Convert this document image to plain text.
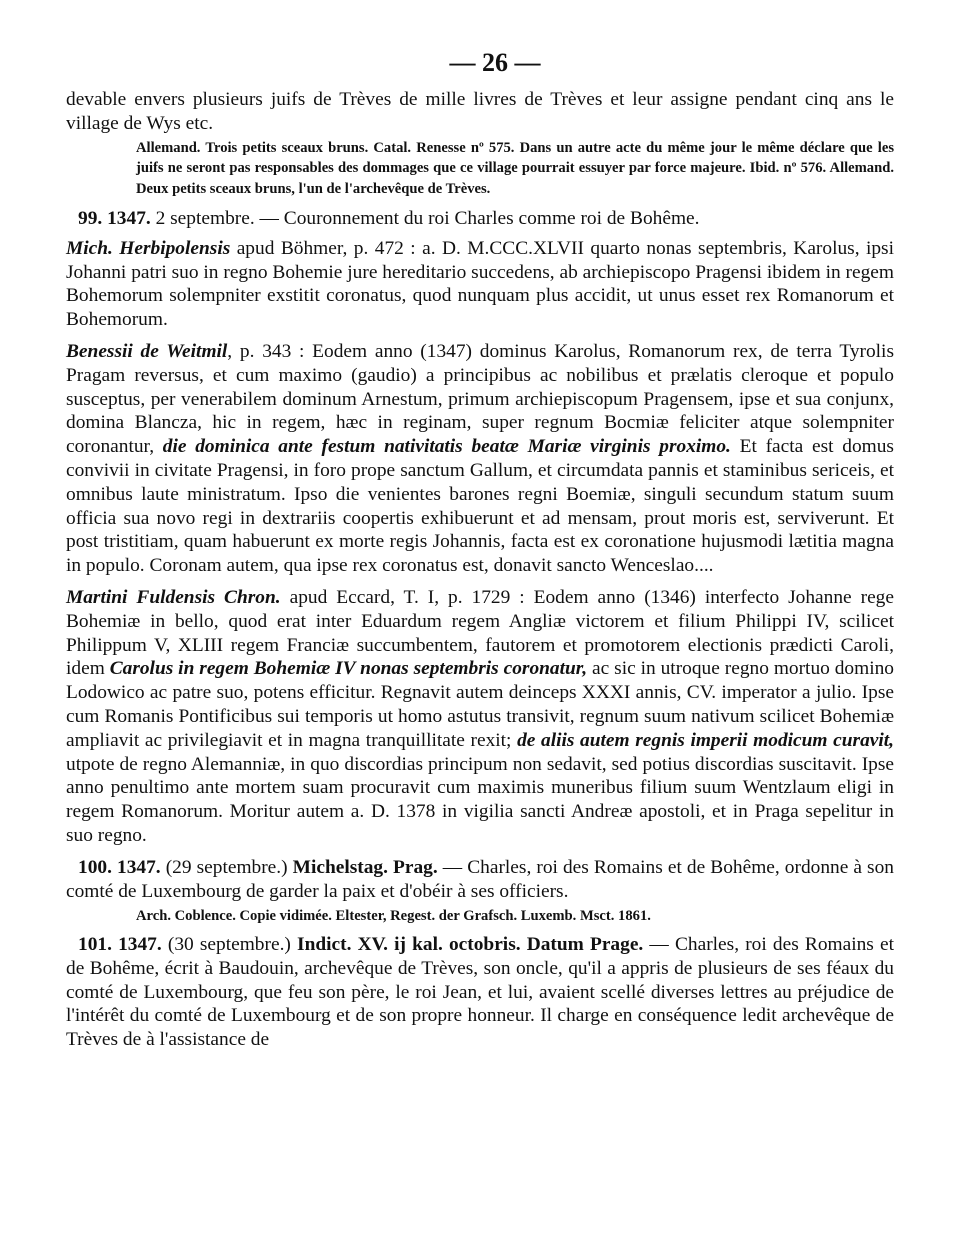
— 26 —

devable envers plusieurs juifs de Trèves de mille livres de Trèves et leur assigne pendant cinq ans le village de Wys etc.

Allemand. Trois petits sceaux bruns. Catal. Renesse nº 575. Dans un autre acte du même jour le même déclare que les juifs ne seront pas responsables des dommages que ce village pourrait essuyer par force majeure. Ibid. nº 576. Allemand. Deux petits sceaux bruns, l'un de l'archevêque de Trèves.

99. 1347. 2 septembre. — Couronnement du roi Charles comme roi de Bohême.

Mich. Herbipolensis apud Böhmer, p. 472 : a. D. M.CCC.XLVII quarto nonas septembris, Karolus, ipsi Johanni patri suo in regno Bohemie jure hereditario succedens, ab archiepiscopo Pragensi ibidem in regem Bohemorum solempniter exstitit coronatus, quod nunquam plus accidit, ut unus esset rex Romanorum et Bohemorum.

Benessii de Weitmil, p. 343 : Eodem anno (1347) dominus Karolus, Romanorum rex, de terra Tyrolis Pragam reversus, et cum maximo (gaudio) a principibus ac nobilibus et prælatis cleroque et populo susceptus, per venerabilem dominum Arnestum, primum archiepiscopum Pragensem, ipse et sua conjunx, domina Blancza, hic in regem, hæc in reginam, super regnum Bocmiæ feliciter atque solempniter coronantur, die dominica ante festum nativitatis beatæ Mariæ virginis proximo. Et facta est domus convivii in civitate Pragensi, in foro prope sanctum Gallum, et circumdata pannis et staminibus sericeis, et omnibus laute ministratum. Ipso die venientes barones regni Boemiæ, singuli secundum statum suum officia sua novo regi in dextrariis coopertis exhibuerunt et ad mensam, prout moris est, serviverunt. Et post tristitiam, quam habuerunt ex morte regis Johannis, facta est ex coronatione hujusmodi lætitia magna in populo. Coronam autem, qua ipse rex coronatus est, donavit sancto Wenceslao....

Martini Fuldensis Chron. apud Eccard, T. I, p. 1729 : Eodem anno (1346) interfecto Johanne rege Bohemiæ in bello, quod erat inter Eduardum regem Angliæ victorem et filium Philippi IV, scilicet Philippum V, XLIII regem Franciæ succumbentem, fautorem et promotorem electionis prædicti Caroli, idem Carolus in regem Bohemiæ IV nonas septembris coronatur, ac sic in utroque regno mortuo domino Lodowico ac patre suo, potens efficitur. Regnavit autem deinceps XXXI annis, CV. imperator a julio. Ipse cum Romanis Pontificibus sui temporis ut homo astutus transivit, regnum suum nativum scilicet Bohemiæ ampliavit ac privilegiavit et in magna tranquillitate rexit; de aliis autem regnis imperii modicum curavit, utpote de regno Alemanniæ, in quo discordias principum non sedavit, sed potius discordias suscitavit. Ipse anno penultimo ante mortem suam procuravit cum maximis muneribus filium suum Wentzlaum eligi in regem Romanorum. Moritur autem a. D. 1378 in vigilia sancti Andreæ apostoli, et in Praga sepelitur in suo regno.

100. 1347. (29 septembre.) Michelstag. Prag. — Charles, roi des Romains et de Bohême, ordonne à son comté de Luxembourg de garder la paix et d'obéir à ses officiers.

Arch. Coblence. Copie vidimée. Eltester, Regest. der Grafsch. Luxemb. Msct. 1861.

101. 1347. (30 septembre.) Indict. XV. ij kal. octobris. Datum Prage. — Charles, roi des Romains et de Bohême, écrit à Baudouin, archevêque de Trèves, son oncle, qu'il a appris de plusieurs de ses féaux du comté de Luxembourg, que feu son père, le roi Jean, et lui, avaient scellé diverses lettres au préjudice de l'intérêt du comté de Luxembourg et de son propre honneur. Il charge en conséquence ledit archevêque de Trèves de à l'assistance de
